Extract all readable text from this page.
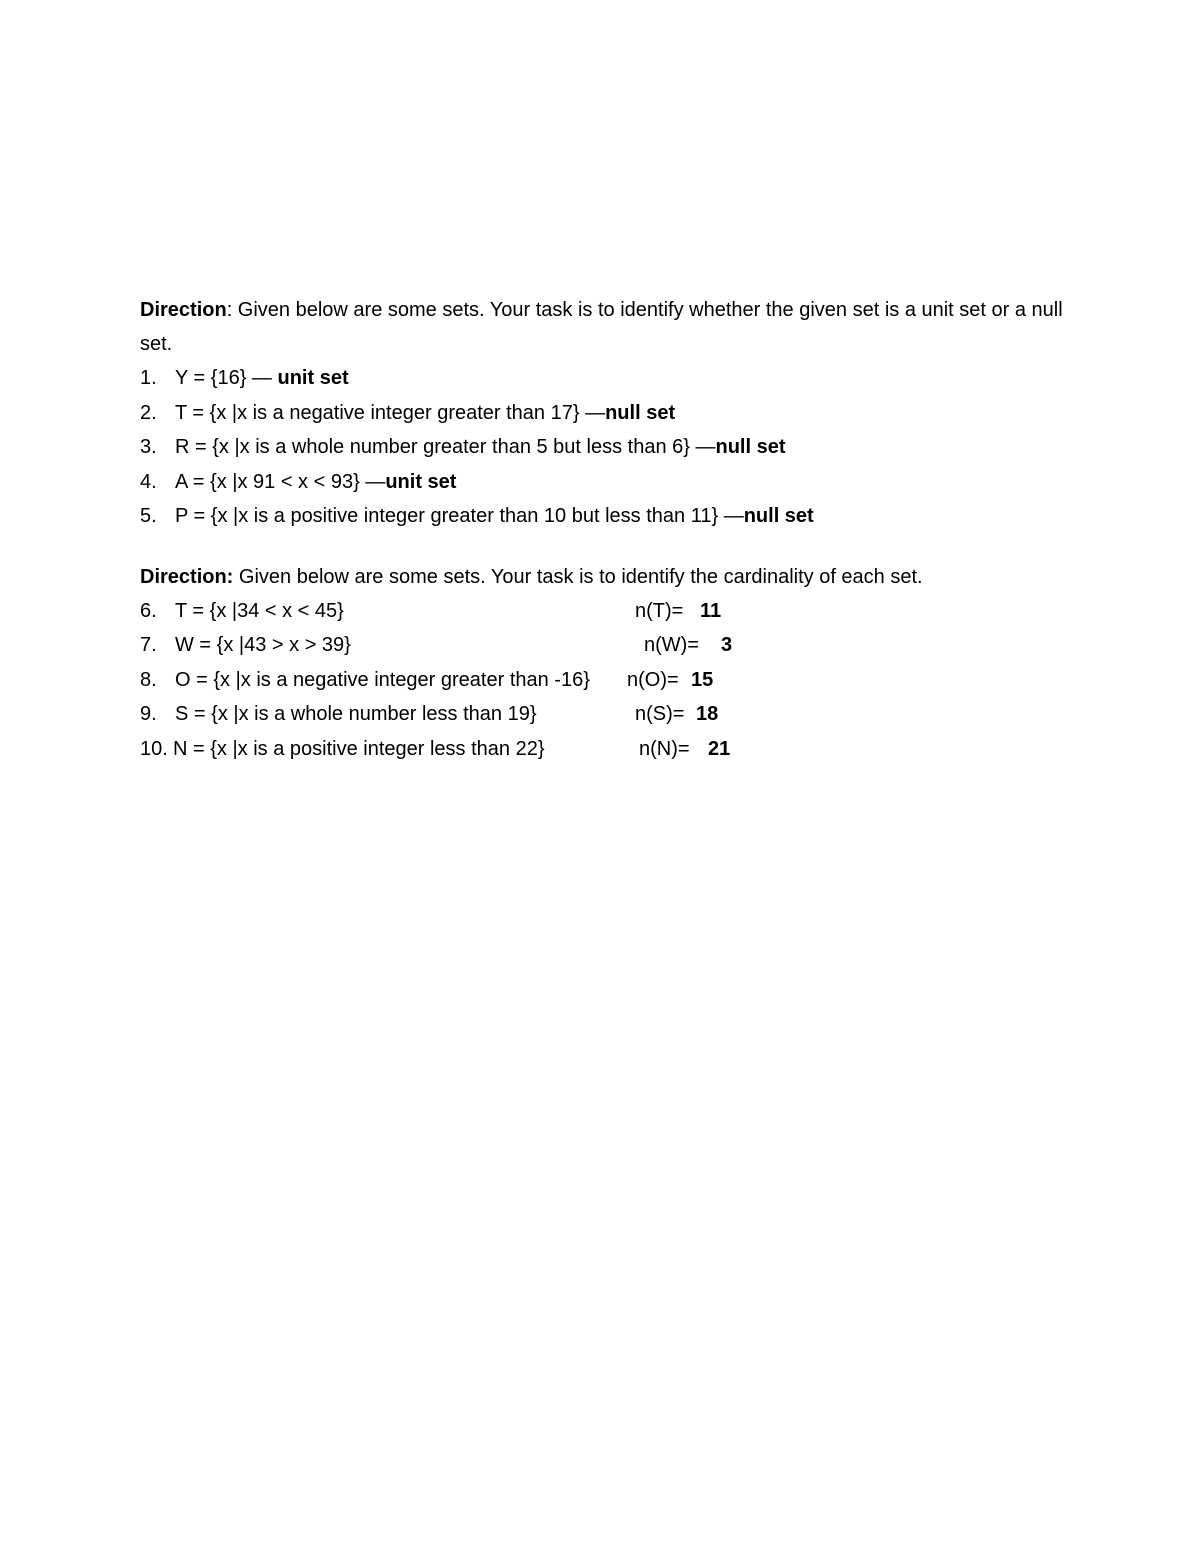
Direction: Given below are some sets. Your task is to identify whether the given set is a unit set or a null set.

1. Y = {16} — unit set
2. T = {x |x is a negative integer greater than 17} —null set
3. R = {x |x is a whole number greater than 5 but less than 6} —null set
4. A = {x |x 91 < x < 93} —unit set
5. P = {x |x is a positive integer greater than 10 but less than 11} —null set

Direction: Given below are some sets. Your task is to identify the cardinality of each set.

6. T = {x |34 < x < 45}	n(T)= 11
7. W = {x |43 > x > 39}	n(W)= 3
8. O = {x |x is a negative integer greater than -16} n(O)= 15
9. S = {x |x is a whole number less than 19}	n(S)= 18
10. N = {x |x is a positive integer less than 22}	n(N)= 21
